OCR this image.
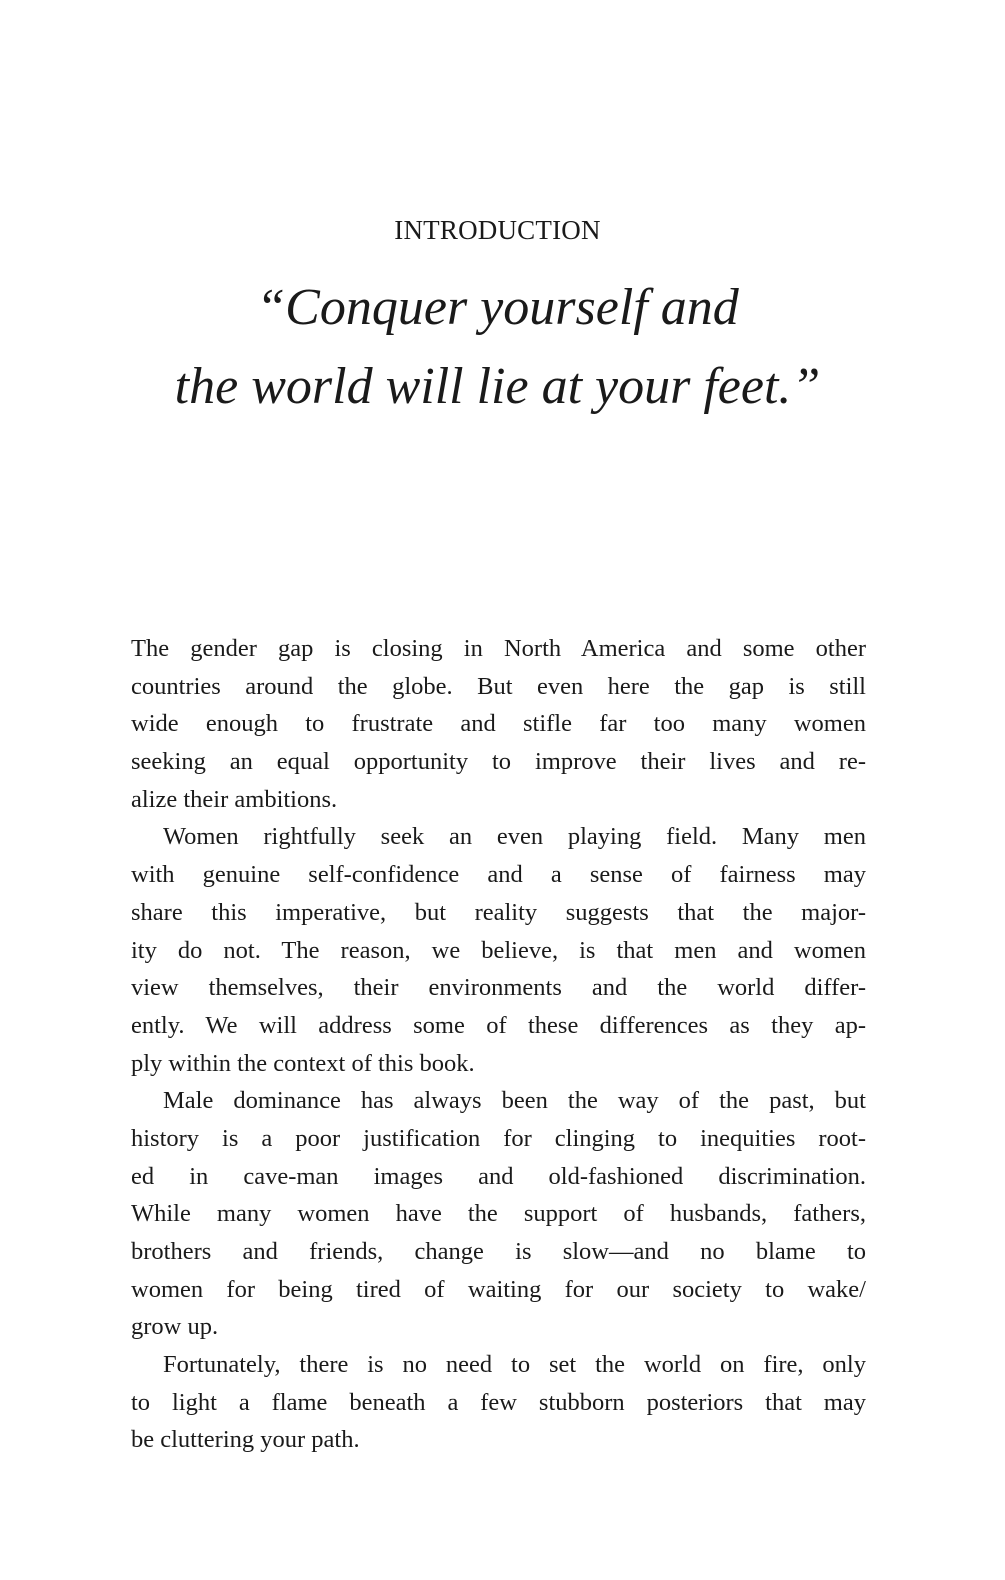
INTRODUCTION
“Conquer yourself and
the world will lie at your feet.”
The gender gap is closing in North America and some other
countries around the globe. But even here the gap is still
wide enough to frustrate and stifle far too many women
seeking an equal opportunity to improve their lives and re-
alize their ambitions.
Women rightfully seek an even playing field. Many men
with genuine self-confidence and a sense of fairness may
share this imperative, but reality suggests that the major-
ity do not. The reason, we believe, is that men and women
view themselves, their environments and the world differ-
ently. We will address some of these differences as they ap-
ply within the context of this book.
Male dominance has always been the way of the past, but
history is a poor justification for clinging to inequities root-
ed in cave-man images and old-fashioned discrimination.
While many women have the support of husbands, fathers,
brothers and friends, change is slow—and no blame to
women for being tired of waiting for our society to wake/
grow up.
Fortunately, there is no need to set the world on fire, only
to light a flame beneath a few stubborn posteriors that may
be cluttering your path.
